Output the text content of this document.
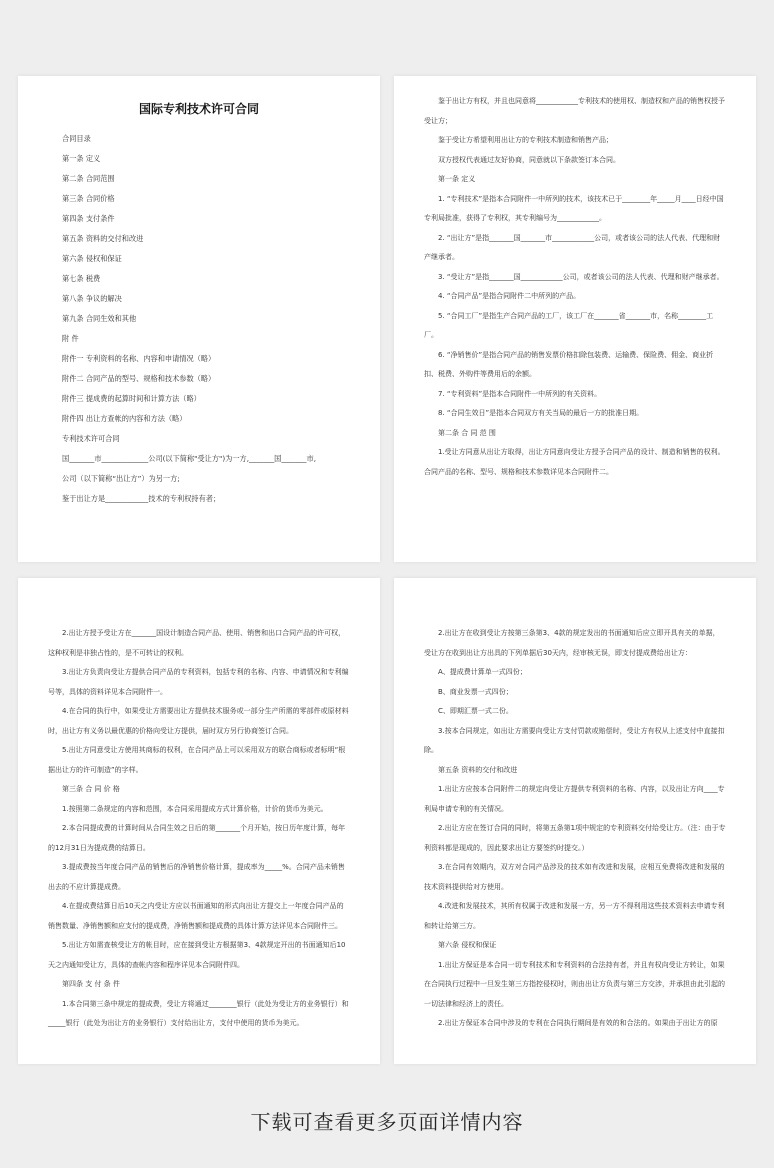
国际专利技术许可合同
合同目录
第一条 定义
第二条 合同范围
第三条 合同价格
第四条 支付条件
第五条 资料的交付和改进
第六条 侵权和保证
第七条 税费
第八条 争议的解决
第九条 合同生效和其他
附 件
附件一 专利资料的名称、内容和申请情况（略）
附件二 合同产品的型号、规格和技术参数（略）
附件三 提成费的起算时间和计算方法（略）
附件四 出让方查帐的内容和方法（略）
专利技术许可合同
国_______市_____________公司(以下简称"受让方")为一方,_______国_______市,
公司（以下简称“出让方”）为另一方;
鉴于出让方是____________技术的专利权持有者；
鉴于出让方有权，并且也同意将____________专利技术的使用权、制造权和产品的销售权授予受让方；
鉴于受让方希望利用出让方的专利技术制造和销售产品；
双方授权代表通过友好协商，同意就以下条款签订本合同。
第一条 定义
1. “专利技术”是指本合同附件一中所列的技术，该技术已于________年_____月____日经中国专利局批准，获得了专利权，其专利编号为____________。
2. “出让方”是指_______国_______市____________公司，或者该公司的法人代表、代理和财产继承者。
3. “受让方”是指_______国____________公司，或者该公司的法人代表、代理和财产继承者。
4. “合同产品”是指合同附件二中所列的产品。
5. “合同工厂”是指生产合同产品的工厂，该工厂在_______省_______市，名称________工厂。
6. “净销售价”是指合同产品的销售发票价格扣除包装费、运输费、保险费、佣金、商业折扣、税费、外购件等费用后的余额。
7. “专利资料”是指本合同附件一中所列的有关资料。
8. “合同生效日”是指本合同双方有关当局的最后一方的批准日期。
第二条 合 同 范 围
1.受让方同意从出让方取得，出让方同意向受让方授予合同产品的设计、制造和销售的权利。合同产品的名称、型号、规格和技术参数详见本合同附件二。
2.出让方授予受让方在_______国设计制造合同产品、使用、销售和出口合同产品的许可权，这种权利是非独占性的，是不可转让的权利。
3.出让方负责向受让方提供合同产品的专利资料，包括专利的名称、内容、申请情况和专利编号等，具体的资料详见本合同附件一。
4.在合同的执行中，如果受让方需要出让方提供技术服务或一部分生产所需的零部件或原材料时，出让方有义务以最优惠的价格向受让方提供，届时双方另行协商签订合同。
5.出让方同意受让方使用其商标的权利，在合同产品上可以采用双方的联合商标或者标明“根据出让方的许可制造”的字样。
第三条 合 同 价 格
1.按照第二条规定的内容和范围，本合同采用提成方式计算价格，计价的货币为美元。
2.本合同提成费的计算时间从合同生效之日后的第_______个月开始，按日历年度计算，每年的12月31日为提成费的结算日。
3.提成费按当年度合同产品的销售后的净销售价格计算，提成率为_____%。合同产品未销售出去的不应计算提成费。
4.在提成费结算日后10天之内受让方应以书面通知的形式向出让方提交上一年度合同产品的销售数量、净销售额和应支付的提成费，净销售额和提成费的具体计算方法详见本合同附件三。
5.出让方如需查核受让方的帐目时，应在接到受让方根据第3、4款规定开出的书面通知后10天之内通知受让方，具体的查帐内容和程序详见本合同附件四。
第四条 支 付 条 件
1.本合同第三条中规定的提成费，受让方将通过________银行（此处为受让方的业务银行）和_____银行（此处为出让方的业务银行）支付给出让方，支付中使用的货币为美元。
2.出让方在收到受让方按第三条第3、4款的规定发出的书面通知后应立即开具有关的单据，受让方在收到出让方出具的下列单据后30天内，经审核无误，即支付提成费给出让方：
A、提成费计算单一式四份；
B、商业发票一式四份；
C、即期汇票一式二份。
3.按本合同规定，如出让方需要向受让方支付罚款或赔偿时，受让方有权从上述支付中直接扣除。
第五条 资料的交付和改进
1.出让方应按本合同附件二的规定向受让方提供专利资料的名称、内容，以及出让方向____专利局申请专利的有关情况。
2.出让方应在签订合同的同时，将第五条第1项中规定的专利资料交付给受让方。（注：由于专利资料都是现成的，因此要求出让方要签约时提交。）
3.在合同有效期内，双方对合同产品涉及的技术如有改进和发展，应相互免费将改进和发展的技术资料提供给对方使用。
4.改进和发展技术，其所有权属于改进和发展一方，另一方不得利用这些技术资料去申请专利和转让给第三方。
第六条 侵权和保证
1.出让方保证是本合同一切专利技术和专利资料的合法持有者，并且有权向受让方转让，如果在合同执行过程中一旦发生第三方指控侵权时，则由出让方负责与第三方交涉，并承担由此引起的一切法律和经济上的责任。
2.出让方保证本合同中涉及的专利在合同执行期间是有效的和合法的。如果由于出让方的原
下载可查看更多页面详情内容
